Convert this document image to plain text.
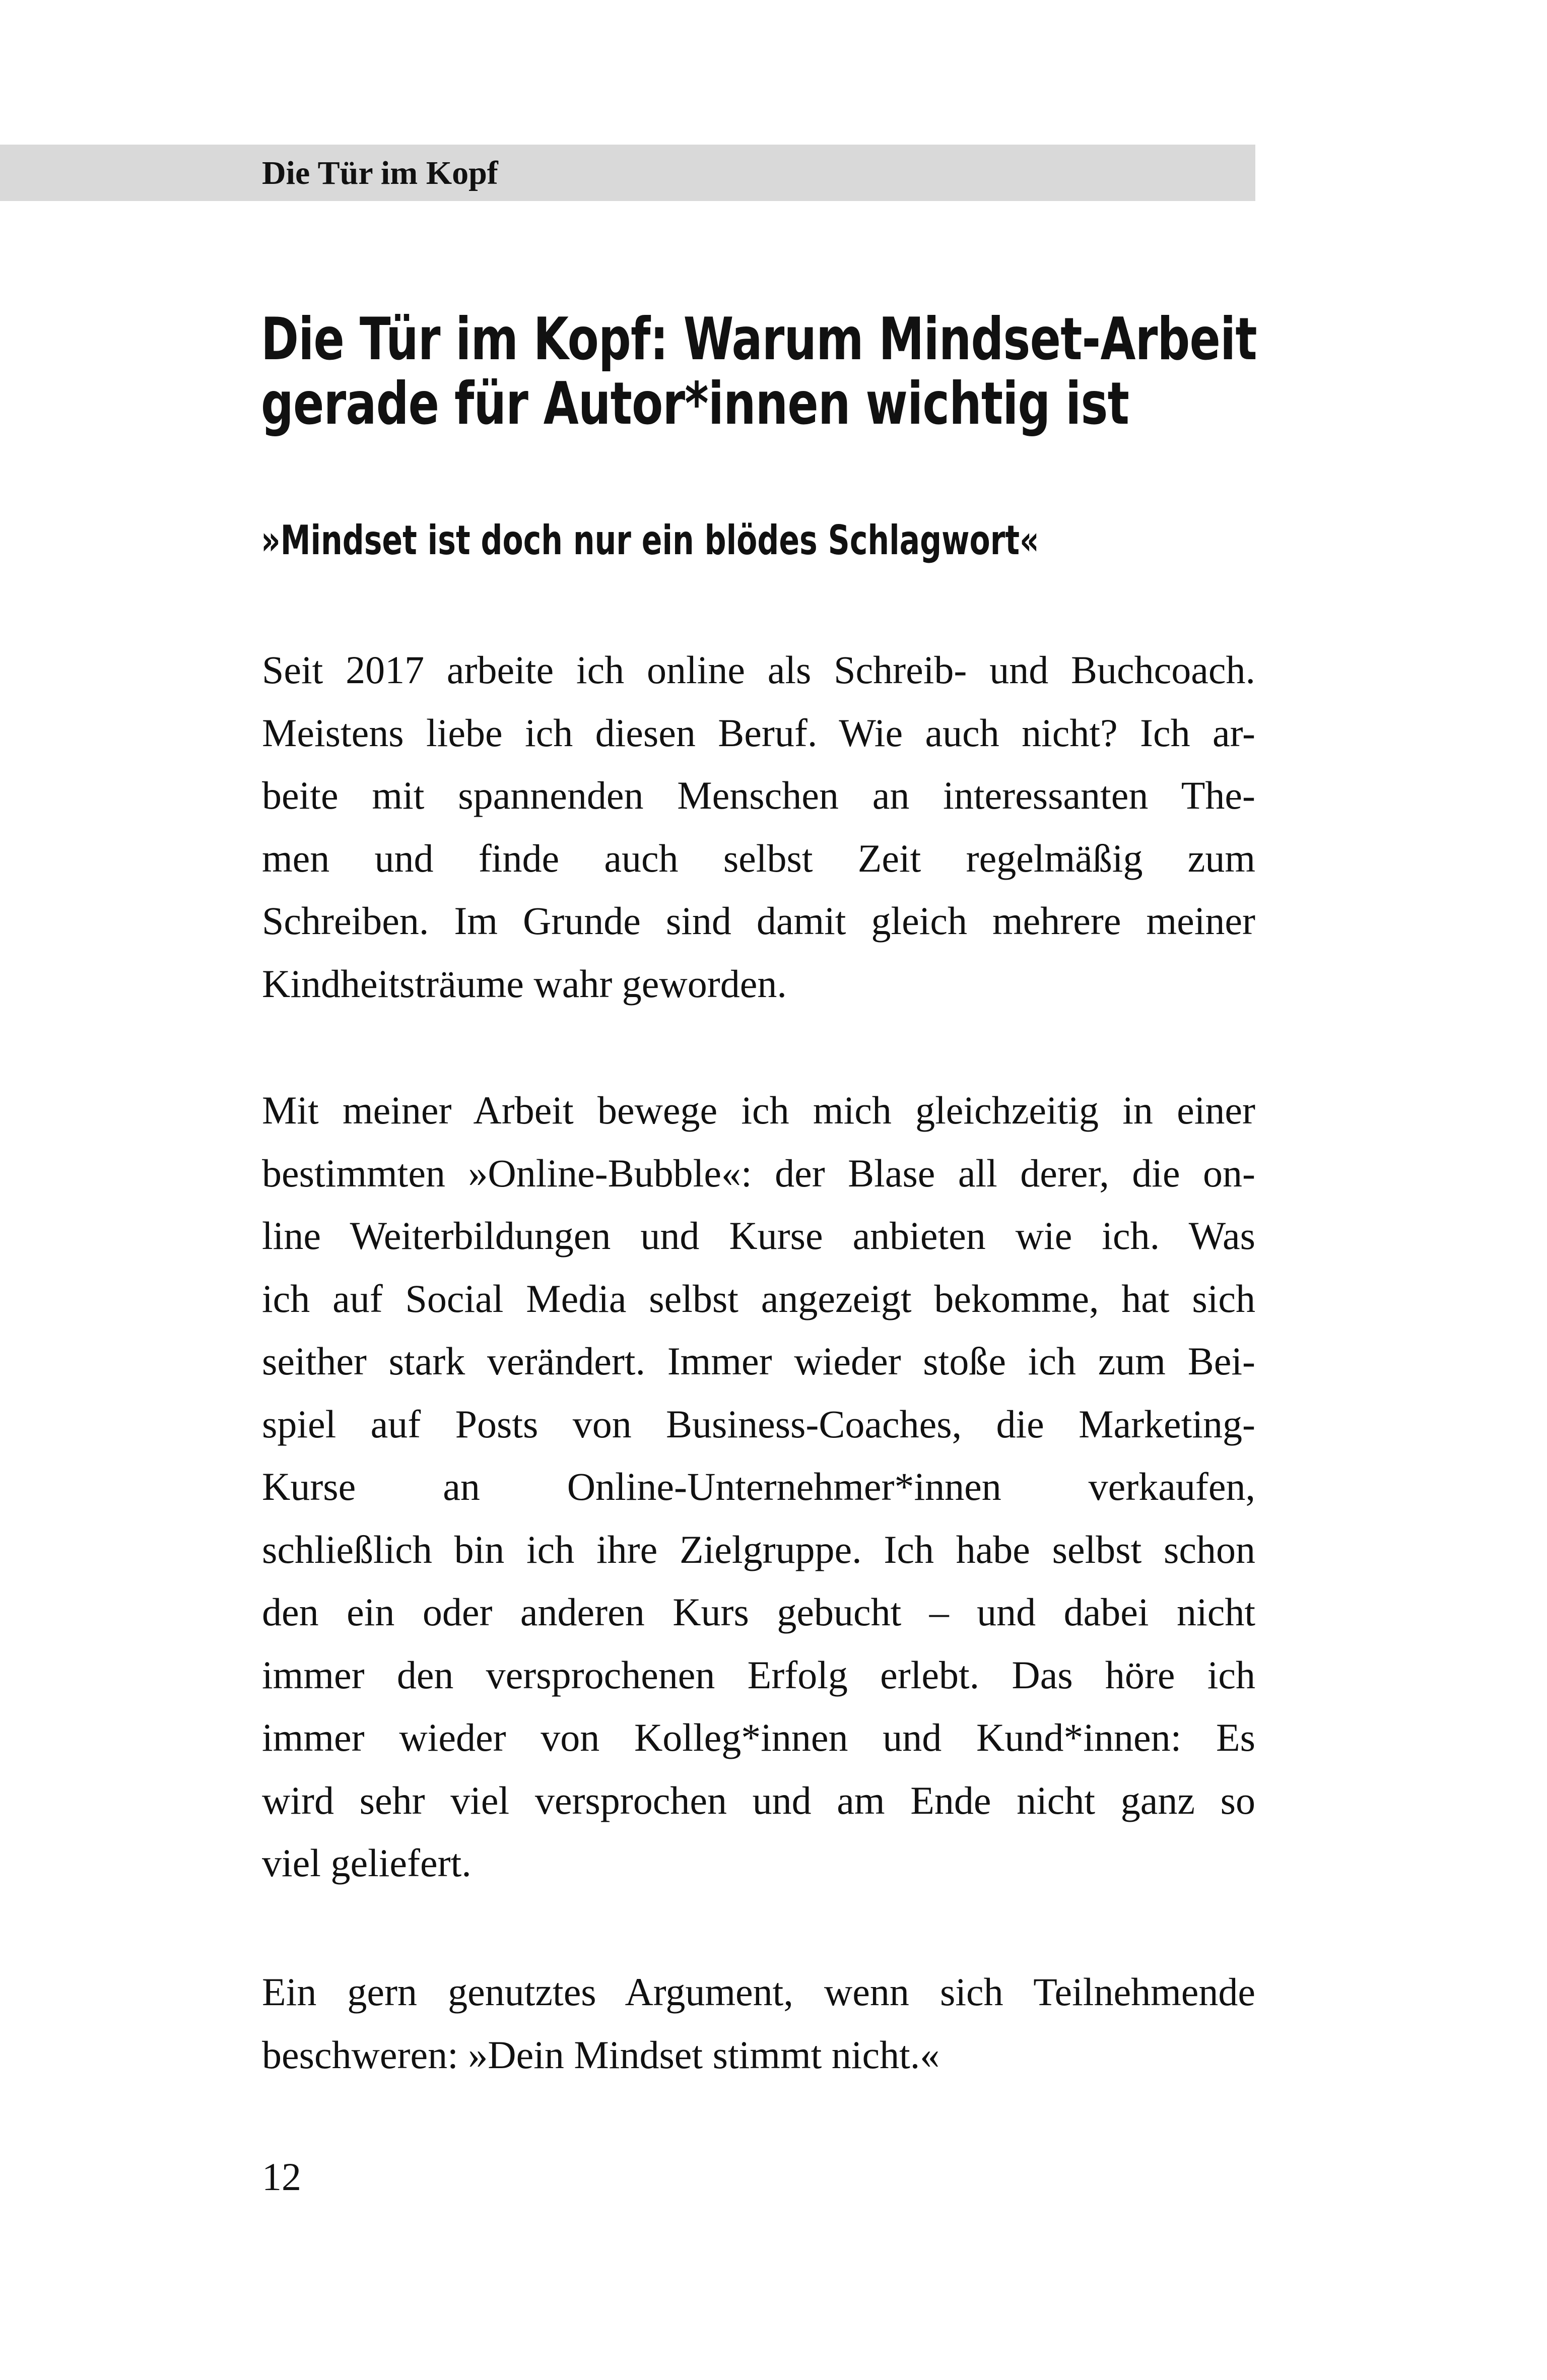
Die Tür im Kopf
Die Tür im Kopf: Warum Mindset-Arbeit
gerade für Autor*innen wichtig ist
»Mindset ist doch nur ein blödes Schlagwort«
Seit 2017 arbeite ich online als Schreib- und Buchcoach.
Meistens liebe ich diesen Beruf. Wie auch nicht? Ich ar-
beite mit spannenden Menschen an interessanten The-
men und finde auch selbst Zeit regelmäßig zum
Schreiben. Im Grunde sind damit gleich mehrere meiner
Kindheitsträume wahr geworden.
Mit meiner Arbeit bewege ich mich gleichzeitig in einer
bestimmten »Online-Bubble«: der Blase all derer, die on-
line Weiterbildungen und Kurse anbieten wie ich. Was
ich auf Social Media selbst angezeigt bekomme, hat sich
seither stark verändert. Immer wieder stoße ich zum Bei-
spiel auf Posts von Business-Coaches, die Marketing-
Kurse an Online-Unternehmer*innen verkaufen,
schließlich bin ich ihre Zielgruppe. Ich habe selbst schon
den ein oder anderen Kurs gebucht – und dabei nicht
immer den versprochenen Erfolg erlebt. Das höre ich
immer wieder von Kolleg*innen und Kund*innen: Es
wird sehr viel versprochen und am Ende nicht ganz so
viel geliefert.
Ein gern genutztes Argument, wenn sich Teilnehmende
beschweren: »Dein Mindset stimmt nicht.«
12
